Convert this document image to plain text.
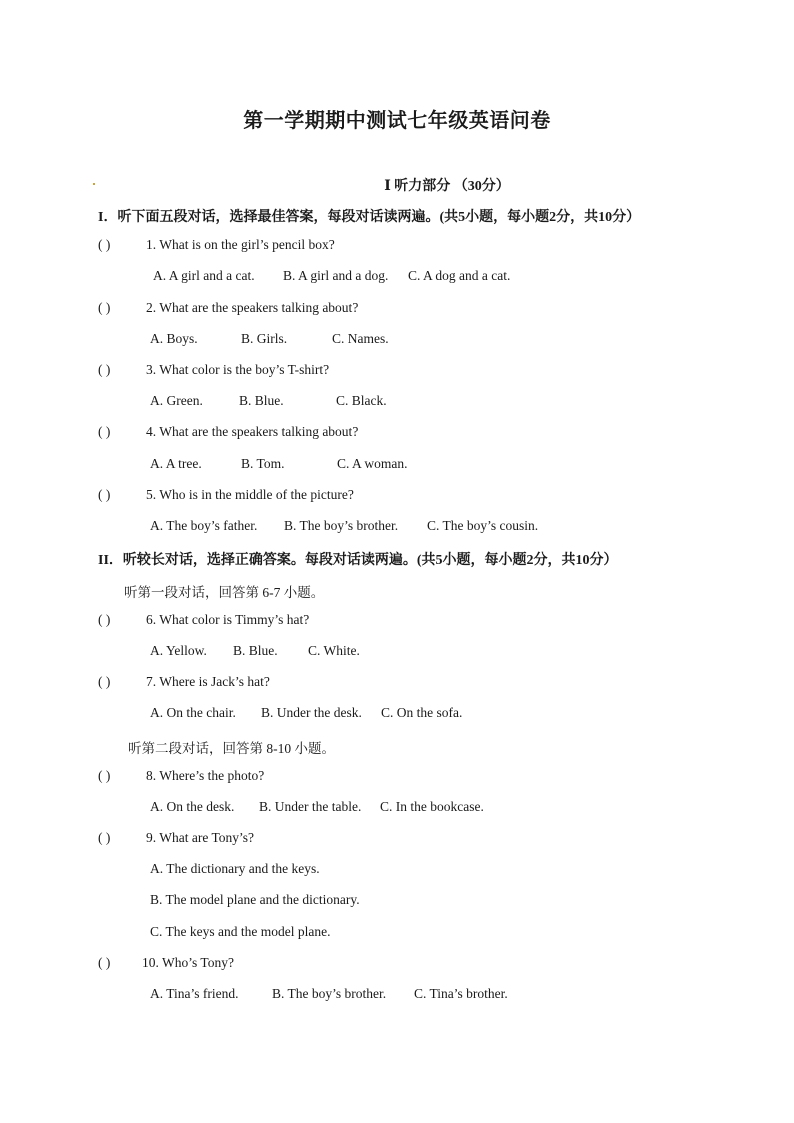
第一学期期中测试七年级英语问卷
Ⅰ 听力部分 （30分）
I．听下面五段对话，选择最佳答案，每段对话读两遍。(共5小题，每小题2分，共10分）
( )	1. What is on the girl’s pencil box?
A. A girl and a cat. B. A girl and a dog. C. A dog and a cat.
( )	2. What are the speakers talking about?
A. Boys.	B. Girls.	C. Names.
( )	3. What color is the boy’s T-shirt?
A. Green.	B. Blue.	C. Black.
( )	4. What are the speakers talking about?
A. A tree.	B. Tom.	C. A woman.
( )	5. Who is in the middle of the picture?
A. The boy’s father. B. The boy’s brother. C. The boy’s cousin.
II．听较长对话，选择正确答案。每段对话读两遍。(共5小题，每小题2分，共10分）
听第一段对话，回答第 6-7 小题。
( )	6. What color is Timmy’s hat?
A. Yellow. B. Blue. C. White.
( )	7. Where is Jack’s hat?
A. On the chair. B. Under the desk. C. On the sofa.
听第二段对话，回答第 8-10 小题。
( )	8. Where’s the photo?
A. On the desk. B. Under the table. C. In the bookcase.
( )	9. What are Tony’s?
A. The dictionary and the keys.
B. The model plane and the dictionary.
C. The keys and the model plane.
( ) 10. Who’s Tony?
A. Tina’s friend. B. The boy’s brother. C. Tina’s brother.
